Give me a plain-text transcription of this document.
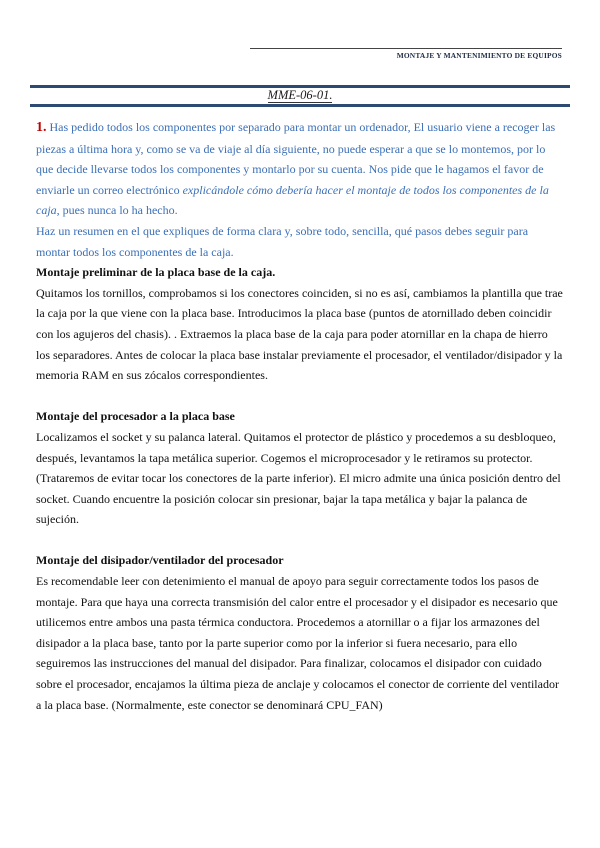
MONTAJE Y MANTENIMIENTO DE EQUIPOS
MME-06-01.

1. Has pedido todos los componentes por separado para montar un ordenador, El usuario viene a recoger las piezas a última hora y, como se va de viaje al día siguiente, no puede esperar a que se lo montemos, por lo que decide llevarse todos los componentes y montarlo por su cuenta. Nos pide que le hagamos el favor de enviarle un correo electrónico explicándole cómo debería hacer el montaje de todos los componentes de la caja, pues nunca lo ha hecho.

Haz un resumen en el que expliques de forma clara y, sobre todo, sencilla, qué pasos debes seguir para montar todos los componentes de la caja.

Montaje preliminar de la placa base de la caja.

Quitamos los tornillos, comprobamos si los conectores coinciden, si no es así, cambiamos la plantilla que trae la caja por la que viene con la placa base. Introducimos la placa base (puntos de atornillado deben coincidir con los agujeros del chasis). . Extraemos la placa base de la caja para poder atornillar en la chapa de hierro los separadores. Antes de colocar la placa base instalar previamente el procesador, el ventilador/disipador y la memoria RAM en sus zócalos correspondientes.

Montaje del procesador a la placa base

Localizamos el socket y su palanca lateral. Quitamos el protector de plástico y procedemos a su desbloqueo, después, levantamos la tapa metálica superior. Cogemos el microprocesador y le retiramos su protector. (Trataremos de evitar tocar los conectores de la parte inferior). El micro admite una única posición dentro del socket. Cuando encuentre la posición colocar sin presionar, bajar la tapa metálica y bajar la palanca de sujeción.

Montaje del disipador/ventilador del procesador

Es recomendable leer con detenimiento el manual de apoyo para seguir correctamente todos los pasos de montaje. Para que haya una correcta transmisión del calor entre el procesador y el disipador es necesario que utilicemos entre ambos una pasta térmica conductora. Procedemos a atornillar o a fijar los armazones del disipador a la placa base, tanto por la parte superior como por la inferior si fuera necesario, para ello seguiremos las instrucciones del manual del disipador. Para finalizar, colocamos el disipador con cuidado sobre el procesador, encajamos la última pieza de anclaje y colocamos el conector de corriente del ventilador a la placa base. (Normalmente, este conector se denominará CPU_FAN)
